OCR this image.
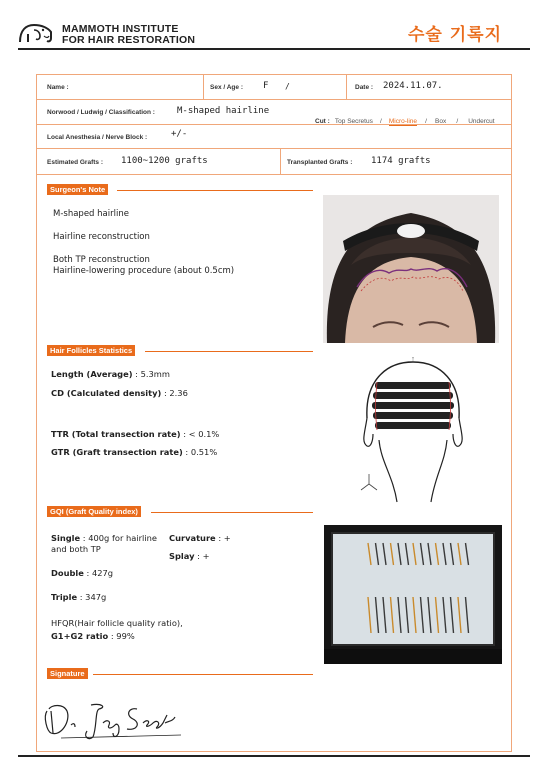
MAMMOTH INSTITUTE
FOR HAIR RESTORATION	수술 기록지
Name :	Sex / Age : F /	Date : 2024.11.07.
Norwood / Ludwig / Classification : M-shaped hairline
Cut : Top Secretus / Micro-line / Box / Undercut
Local Anesthesia / Nerve Block :	+/-
Estimated Grafts : 1100~1200 grafts	Transplanted Grafts : 1174 grafts
Surgeon's Note
M-shaped hairline
Hairline reconstruction
Both TP reconstruction
Hairline-lowering procedure (about 0.5cm)
Hair Follicles Statistics
Length (Average) : 5.3mm
CD (Calculated density) : 2.36
TTR (Total transection rate) : < 0.1%
GTR (Graft transection rate) : 0.51%
GQI (Graft Quality index)
Single : 400g for hairline
and both TP
Curvature : +
Splay : +
Double : 427g
Triple : 347g
HFQR(Hair follicle quality ratio),
G1+G2 ratio : 99%
Signature
↑
